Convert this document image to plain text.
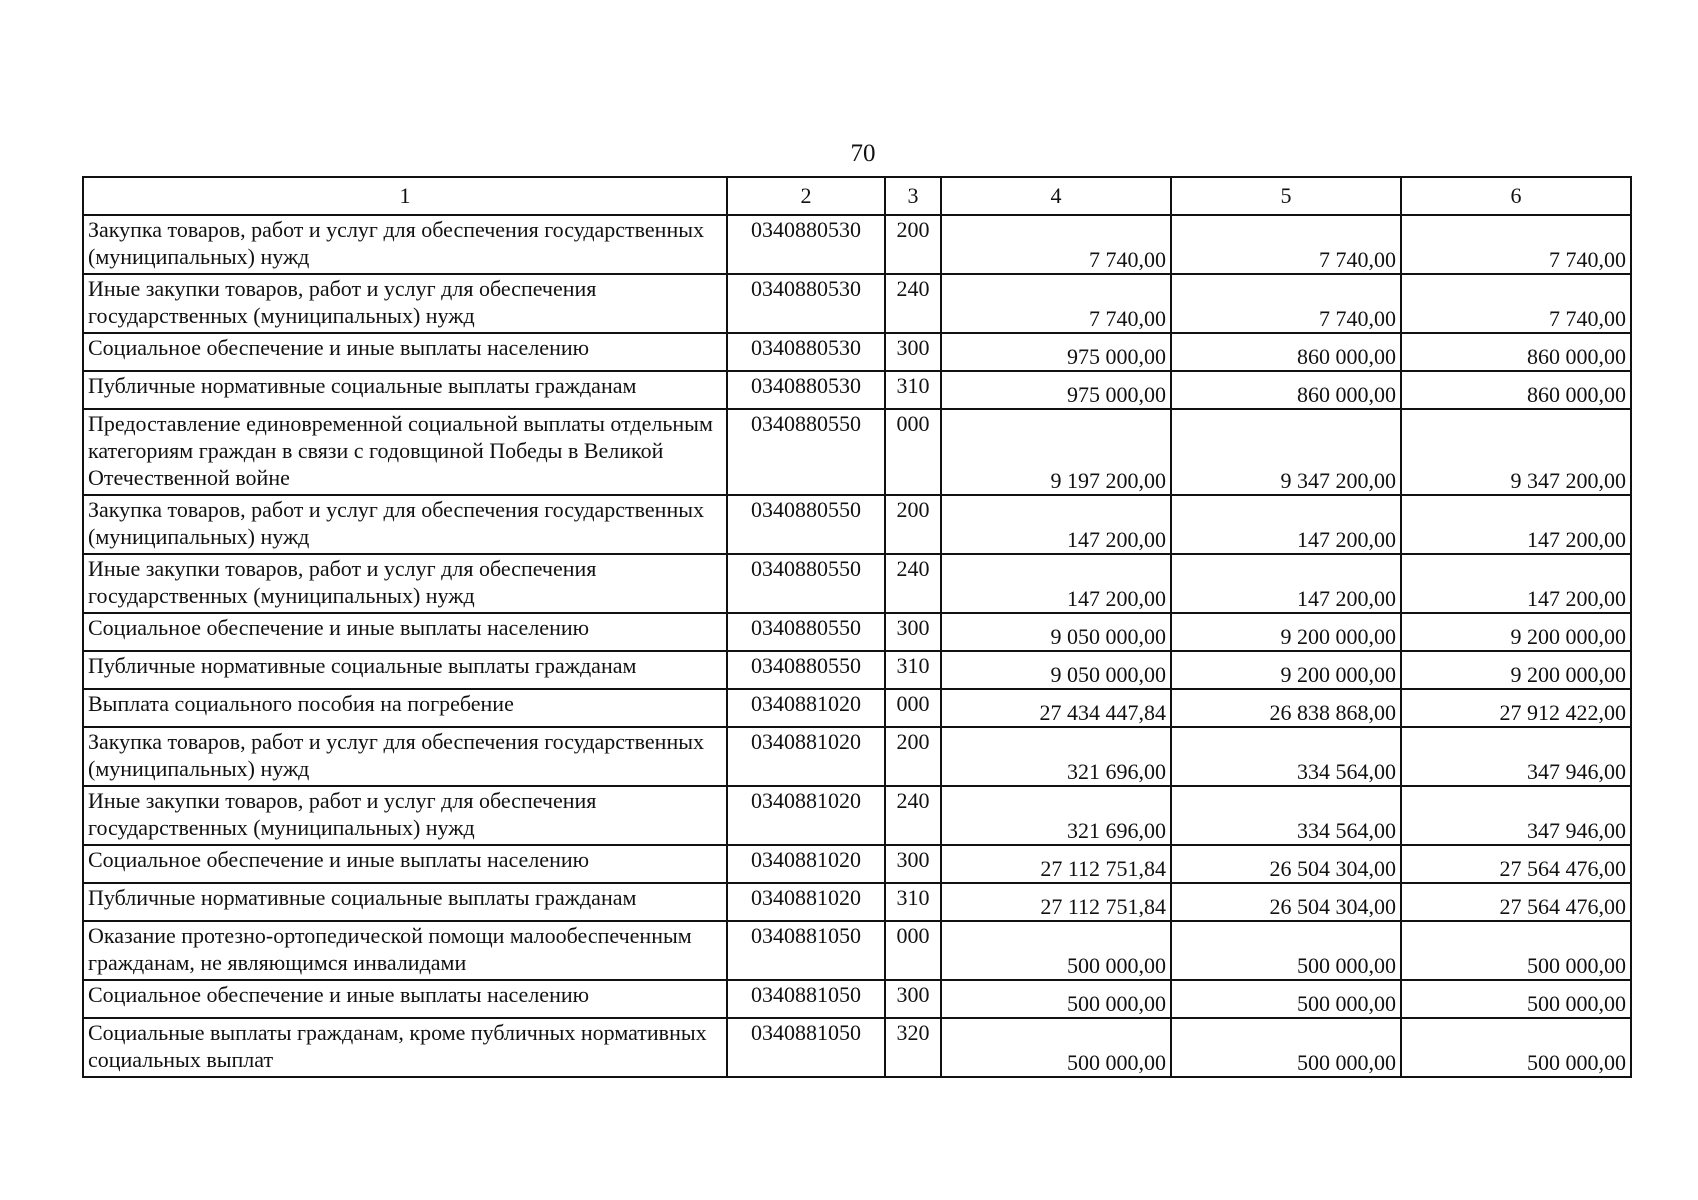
70
1	2	3	4	5	6
Закупка товаров, работ и услуг для обеспечения государственных (муниципальных) нужд	0340880530	200	7 740,00	7 740,00	7 740,00
Иные закупки товаров, работ и услуг для обеспечения государственных (муниципальных) нужд	0340880530	240	7 740,00	7 740,00	7 740,00
Социальное обеспечение и иные выплаты населению	0340880530	300	975 000,00	860 000,00	860 000,00
Публичные нормативные социальные выплаты гражданам	0340880530	310	975 000,00	860 000,00	860 000,00
Предоставление единовременной социальной выплаты отдельным категориям граждан в связи с годовщиной Победы в Великой Отечественной войне	0340880550	000	9 197 200,00	9 347 200,00	9 347 200,00
Закупка товаров, работ и услуг для обеспечения государственных (муниципальных) нужд	0340880550	200	147 200,00	147 200,00	147 200,00
Иные закупки товаров, работ и услуг для обеспечения государственных (муниципальных) нужд	0340880550	240	147 200,00	147 200,00	147 200,00
Социальное обеспечение и иные выплаты населению	0340880550	300	9 050 000,00	9 200 000,00	9 200 000,00
Публичные нормативные социальные выплаты гражданам	0340880550	310	9 050 000,00	9 200 000,00	9 200 000,00
Выплата социального пособия на погребение	0340881020	000	27 434 447,84	26 838 868,00	27 912 422,00
Закупка товаров, работ и услуг для обеспечения государственных (муниципальных) нужд	0340881020	200	321 696,00	334 564,00	347 946,00
Иные закупки товаров, работ и услуг для обеспечения государственных (муниципальных) нужд	0340881020	240	321 696,00	334 564,00	347 946,00
Социальное обеспечение и иные выплаты населению	0340881020	300	27 112 751,84	26 504 304,00	27 564 476,00
Публичные нормативные социальные выплаты гражданам	0340881020	310	27 112 751,84	26 504 304,00	27 564 476,00
Оказание протезно-ортопедической помощи малообеспеченным гражданам, не являющимся инвалидами	0340881050	000	500 000,00	500 000,00	500 000,00
Социальное обеспечение и иные выплаты населению	0340881050	300	500 000,00	500 000,00	500 000,00
Социальные выплаты гражданам, кроме публичных нормативных социальных выплат	0340881050	320	500 000,00	500 000,00	500 000,00
